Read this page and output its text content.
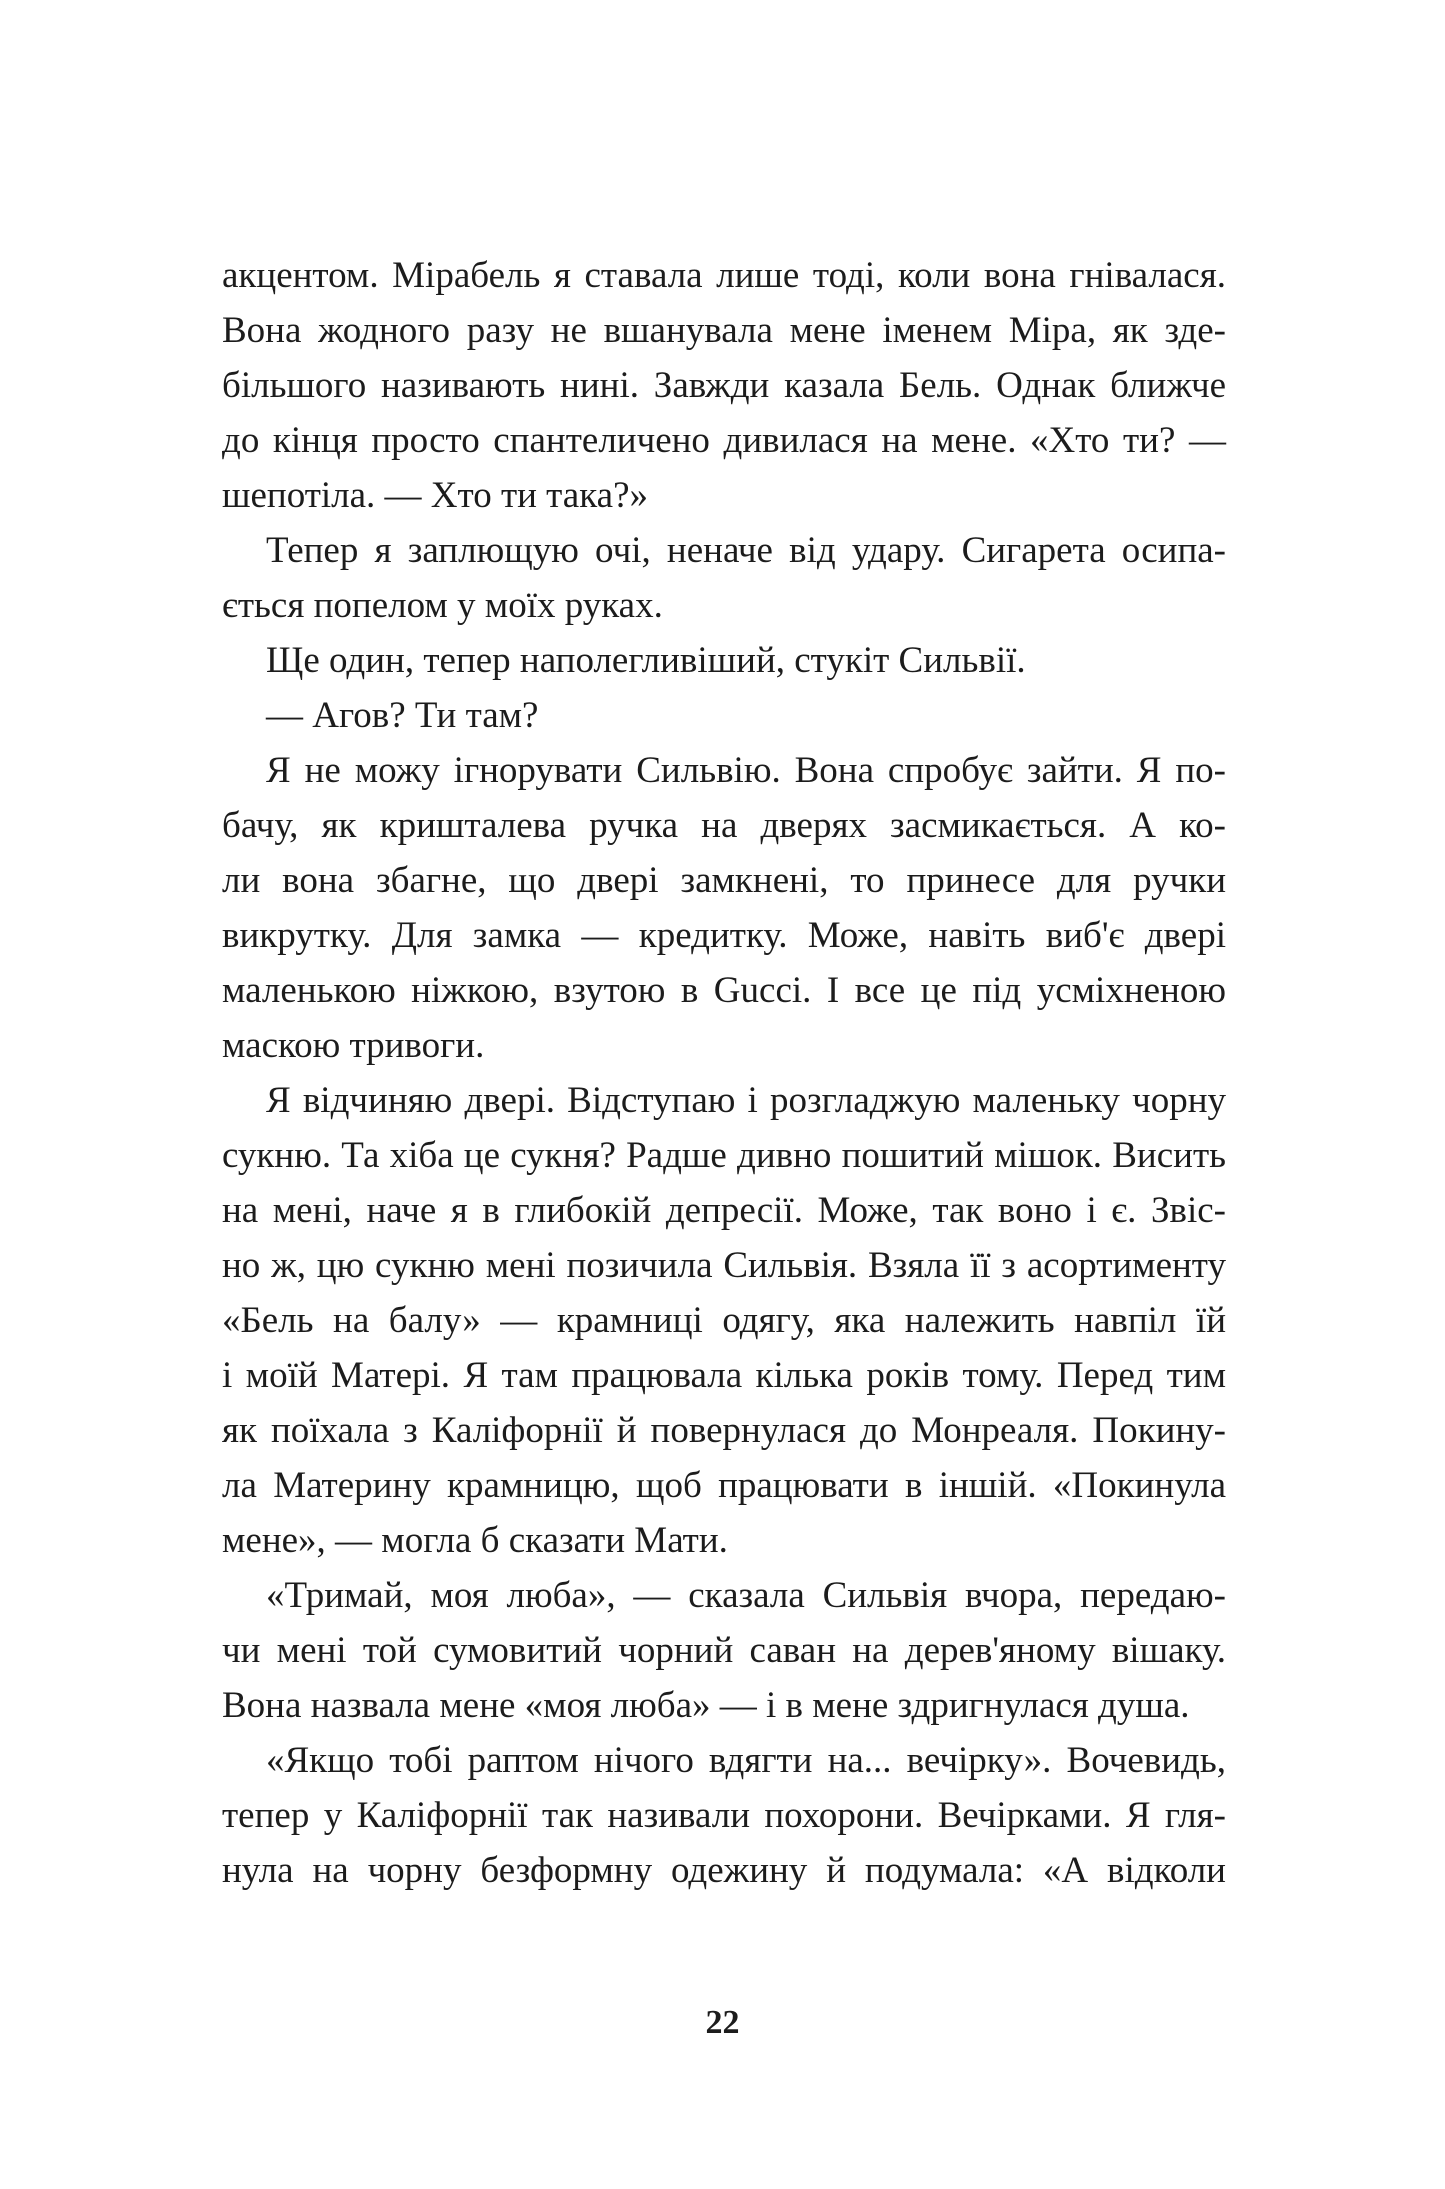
акцентом. Мірабель я ставала лише тоді, коли вона гнівалася.
Вона жодного разу не вшанувала мене іменем Міра, як зде-
більшого називають нині. Завжди казала Бель. Однак ближче
до кінця просто спантеличено дивилася на мене. «Хто ти? —
шепотіла. — Хто ти така?»
Тепер я заплющую очі, неначе від удару. Сигарета осипа-
ється попелом у моїх руках.
Ще один, тепер наполегливіший, стукіт Сильвії.
— Агов? Ти там?
Я не можу ігнорувати Сильвію. Вона спробує зайти. Я по-
бачу, як кришталева ручка на дверях засмикається. А ко-
ли вона збагне, що двері замкнені, то принесе для ручки
викрутку. Для замка — кредитку. Може, навіть виб'є двері
маленькою ніжкою, взутою в Gucci. І все це під усміхненою
маскою тривоги.
Я відчиняю двері. Відступаю і розгладжую маленьку чорну
сукню. Та хіба це сукня? Радше дивно пошитий мішок. Висить
на мені, наче я в глибокій депресії. Може, так воно і є. Звіс-
но ж, цю сукню мені позичила Сильвія. Взяла її з асортименту
«Бель на балу» — крамниці одягу, яка належить навпіл їй
і моїй Матері. Я там працювала кілька років тому. Перед тим
як поїхала з Каліфорнії й повернулася до Монреаля. Покину-
ла Материну крамницю, щоб працювати в іншій. «Покинула
мене», — могла б сказати Мати.
«Тримай, моя люба», — сказала Сильвія вчора, передаю-
чи мені той сумовитий чорний саван на дерев'яному вішаку.
Вона назвала мене «моя люба» — і в мене здригнулася душа.
«Якщо тобі раптом нічого вдягти на... вечірку». Вочевидь,
тепер у Каліфорнії так називали похорони. Вечірками. Я гля-
нула на чорну безформну одежину й подумала: «А відколи
22
